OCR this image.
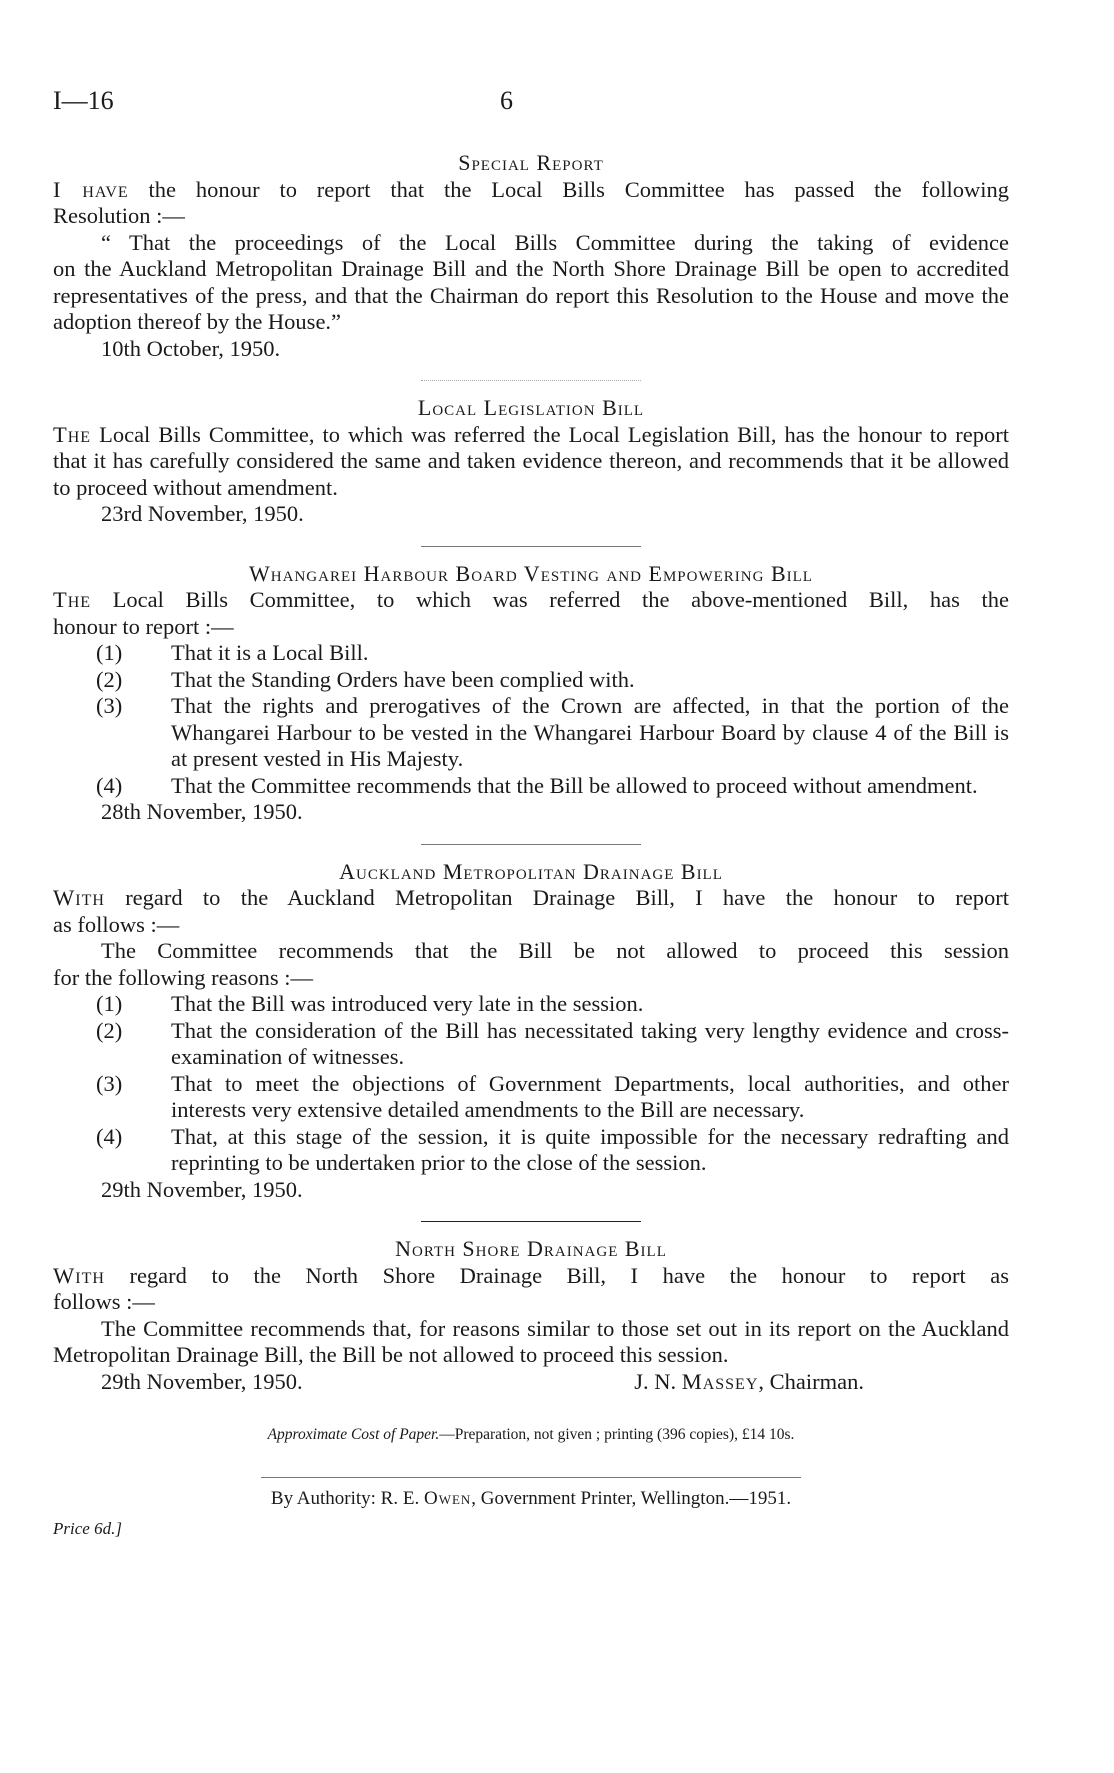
I—16	6

Special Report

I have the honour to report that the Local Bills Committee has passed the following

Resolution :—

“ That the proceedings of the Local Bills Committee during the taking of evidence

on the Auckland Metropolitan Drainage Bill and the North Shore Drainage Bill be open to accredited representatives of the press, and that the Chairman do report this Resolution to the House and move the adoption thereof by the House.”

10th October, 1950.

Local Legislation Bill

The Local Bills Committee, to which was referred the Local Legislation Bill, has the honour to report that it has carefully considered the same and taken evidence thereon, and recommends that it be allowed to proceed without amendment.

23rd November, 1950.

Whangarei Harbour Board Vesting and Empowering Bill

The Local Bills Committee, to which was referred the above-mentioned Bill, has the

honour to report :—

(1) That it is a Local Bill.
(2) That the Standing Orders have been complied with.
(3) That the rights and prerogatives of the Crown are affected, in that the portion of the Whangarei Harbour to be vested in the Whangarei Harbour Board by clause 4 of the Bill is at present vested in His Majesty.
(4) That the Committee recommends that the Bill be allowed to proceed without amendment.

28th November, 1950.

Auckland Metropolitan Drainage Bill

With regard to the Auckland Metropolitan Drainage Bill, I have the honour to report

as follows :—

The Committee recommends that the Bill be not allowed to proceed this session

for the following reasons :—

(1) That the Bill was introduced very late in the session.
(2) That the consideration of the Bill has necessitated taking very lengthy evidence and cross-examination of witnesses.
(3) That to meet the objections of Government Departments, local authorities, and other interests very extensive detailed amendments to the Bill are necessary.
(4) That, at this stage of the session, it is quite impossible for the necessary redrafting and reprinting to be undertaken prior to the close of the session.

29th November, 1950.

North Shore Drainage Bill

With regard to the North Shore Drainage Bill, I have the honour to report as

follows :—

The Committee recommends that, for reasons similar to those set out in its report on the Auckland Metropolitan Drainage Bill, the Bill be not allowed to proceed this session.

29th November, 1950.	J. N. Massey, Chairman.

Approximate Cost of Paper.—Preparation, not given ; printing (396 copies), £14 10s.

By Authority: R. E. Owen, Government Printer, Wellington.—1951.

Price 6d.]
